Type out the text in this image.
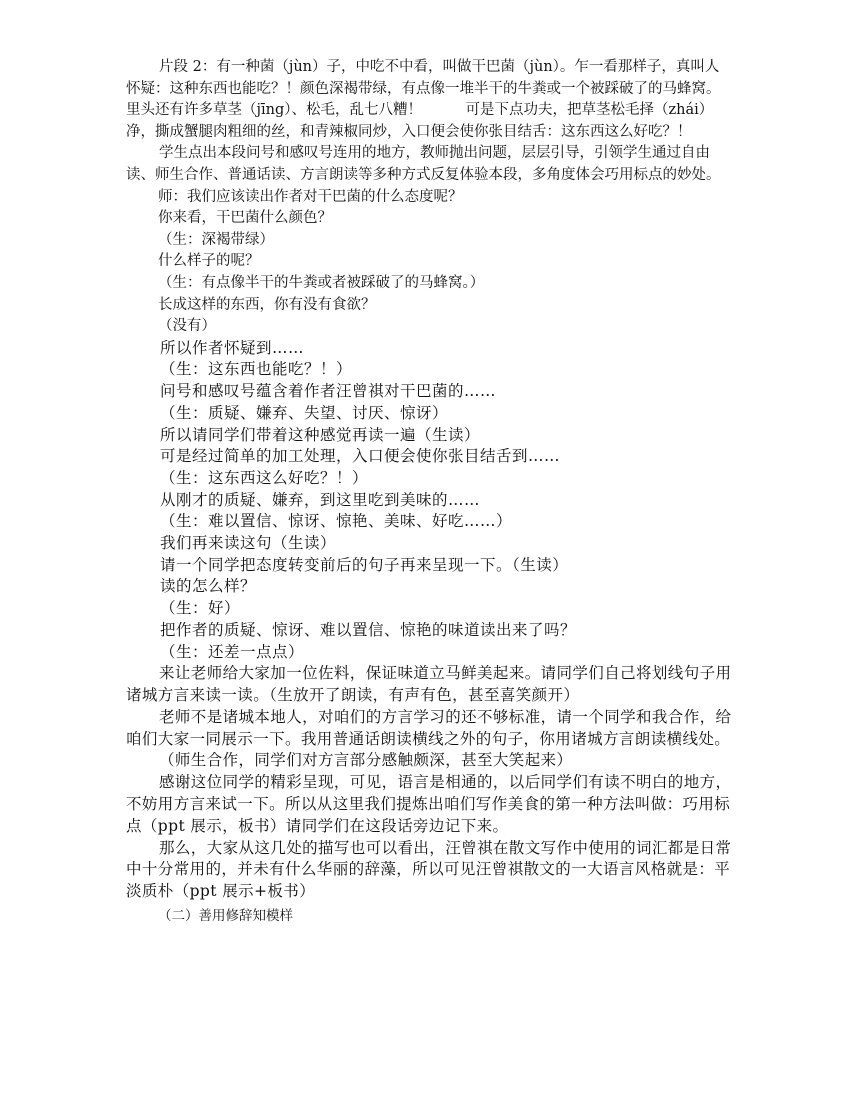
片段 2：有一种菌（jùn）子，中吃不中看，叫做干巴菌（jùn）。乍一看那样子，真叫人怀疑：这种东西也能吃？！颜色深褐带绿，有点像一堆半干的牛粪或一个被踩破了的马蜂窝。里头还有许多草茎（jīng）、松毛，乱七八糟！　　　可是下点功夫，把草茎松毛择（zhái）净，撕成蟹腿肉粗细的丝，和青辣椒同炒，入口便会使你张目结舌：这东西这么好吃？！

学生点出本段问号和感叹号连用的地方，教师抛出问题，层层引导，引领学生通过自由读、师生合作、普通话读、方言朗读等多种方式反复体验本段，多角度体会巧用标点的妙处。

师：我们应该读出作者对干巴菌的什么态度呢？
你来看，干巴菌什么颜色？
（生：深褐带绿）
什么样子的呢？
（生：有点像半干的牛粪或者被踩破了的马蜂窝。）
长成这样的东西，你有没有食欲？
（没有）
所以作者怀疑到……
（生：这东西也能吃？！）
问号和感叹号蕴含着作者汪曾祺对干巴菌的……
（生：质疑、嫌弃、失望、讨厌、惊讶）
所以请同学们带着这种感觉再读一遍（生读）
可是经过简单的加工处理，入口便会使你张目结舌到……
（生：这东西这么好吃？！）
从刚才的质疑、嫌弃，到这里吃到美味的……
（生：难以置信、惊讶、惊艳、美味、好吃……）
我们再来读这句（生读）
请一个同学把态度转变前后的句子再来呈现一下。（生读）
读的怎么样？
（生：好）
把作者的质疑、惊讶、难以置信、惊艳的味道读出来了吗？
（生：还差一点点）

来让老师给大家加一位佐料，保证味道立马鲜美起来。请同学们自己将划线句子用诸城方言来读一读。（生放开了朗读，有声有色，甚至喜笑颜开）

老师不是诸城本地人，对咱们的方言学习的还不够标准，请一个同学和我合作，给咱们大家一同展示一下。我用普通话朗读横线之外的句子，你用诸城方言朗读横线处。

（师生合作，同学们对方言部分感触颇深，甚至大笑起来）

感谢这位同学的精彩呈现，可见，语言是相通的，以后同学们有读不明白的地方，不妨用方言来试一下。所以从这里我们提炼出咱们写作美食的第一种方法叫做：巧用标点（ppt 展示，板书）请同学们在这段话旁边记下来。

那么，大家从这几处的描写也可以看出，汪曾祺在散文写作中使用的词汇都是日常中十分常用的，并未有什么华丽的辞藻，所以可见汪曾祺散文的一大语言风格就是：平淡质朴（ppt 展示+板书）

（二）善用修辞知模样
